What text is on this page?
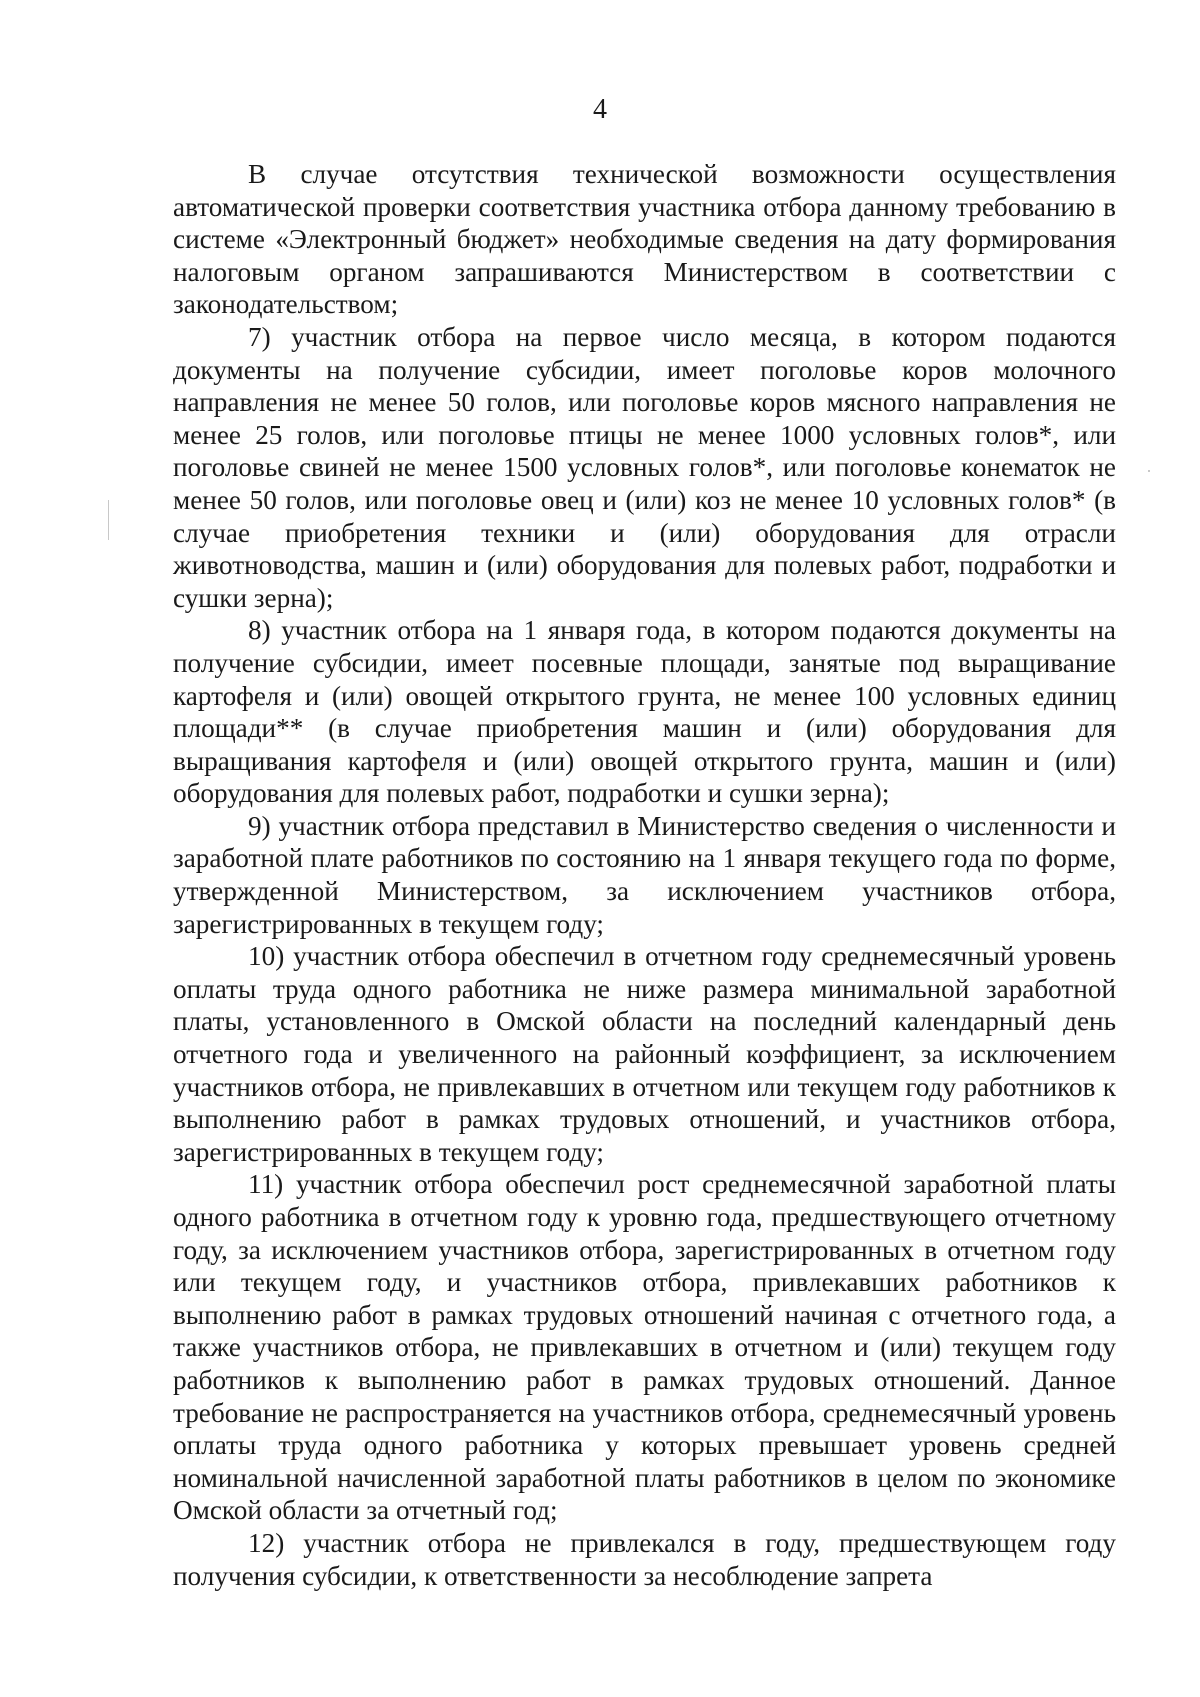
4

В случае отсутствия технической возможности осуществления автоматической проверки соответствия участника отбора данному требованию в системе «Электронный бюджет» необходимые сведения на дату формирования налоговым органом запрашиваются Министерством в соответствии с законодательством;

7) участник отбора на первое число месяца, в котором подаются документы на получение субсидии, имеет поголовье коров молочного направления не менее 50 голов, или поголовье коров мясного направления не менее 25 голов, или поголовье птицы не менее 1000 условных голов*, или поголовье свиней не менее 1500 условных голов*, или поголовье конематок не менее 50 голов, или поголовье овец и (или) коз не менее 10 условных голов* (в случае приобретения техники и (или) оборудования для отрасли животноводства, машин и (или) оборудования для полевых работ, подработки и сушки зерна);

8) участник отбора на 1 января года, в котором подаются документы на получение субсидии, имеет посевные площади, занятые под выращивание картофеля и (или) овощей открытого грунта, не менее 100 условных единиц площади** (в случае приобретения машин и (или) оборудования для выращивания картофеля и (или) овощей открытого грунта, машин и (или) оборудования для полевых работ, подработки и сушки зерна);

9) участник отбора представил в Министерство сведения о численности и заработной плате работников по состоянию на 1 января текущего года по форме, утвержденной Министерством, за исключением участников отбора, зарегистрированных в текущем году;

10) участник отбора обеспечил в отчетном году среднемесячный уровень оплаты труда одного работника не ниже размера минимальной заработной платы, установленного в Омской области на последний календарный день отчетного года и увеличенного на районный коэффициент, за исключением участников отбора, не привлекавших в отчетном или текущем году работников к выполнению работ в рамках трудовых отношений, и участников отбора, зарегистрированных в текущем году;

11) участник отбора обеспечил рост среднемесячной заработной платы одного работника в отчетном году к уровню года, предшествующего отчетному году, за исключением участников отбора, зарегистрированных в отчетном году или текущем году, и участников отбора, привлекавших работников к выполнению работ в рамках трудовых отношений начиная с отчетного года, а также участников отбора, не привлекавших в отчетном и (или) текущем году работников к выполнению работ в рамках трудовых отношений. Данное требование не распространяется на участников отбора, среднемесячный уровень оплаты труда одного работника у которых превышает уровень средней номинальной начисленной заработной платы работников в целом по экономике Омской области за отчетный год;

12) участник отбора не привлекался в году, предшествующем году получения субсидии, к ответственности за несоблюдение запрета
